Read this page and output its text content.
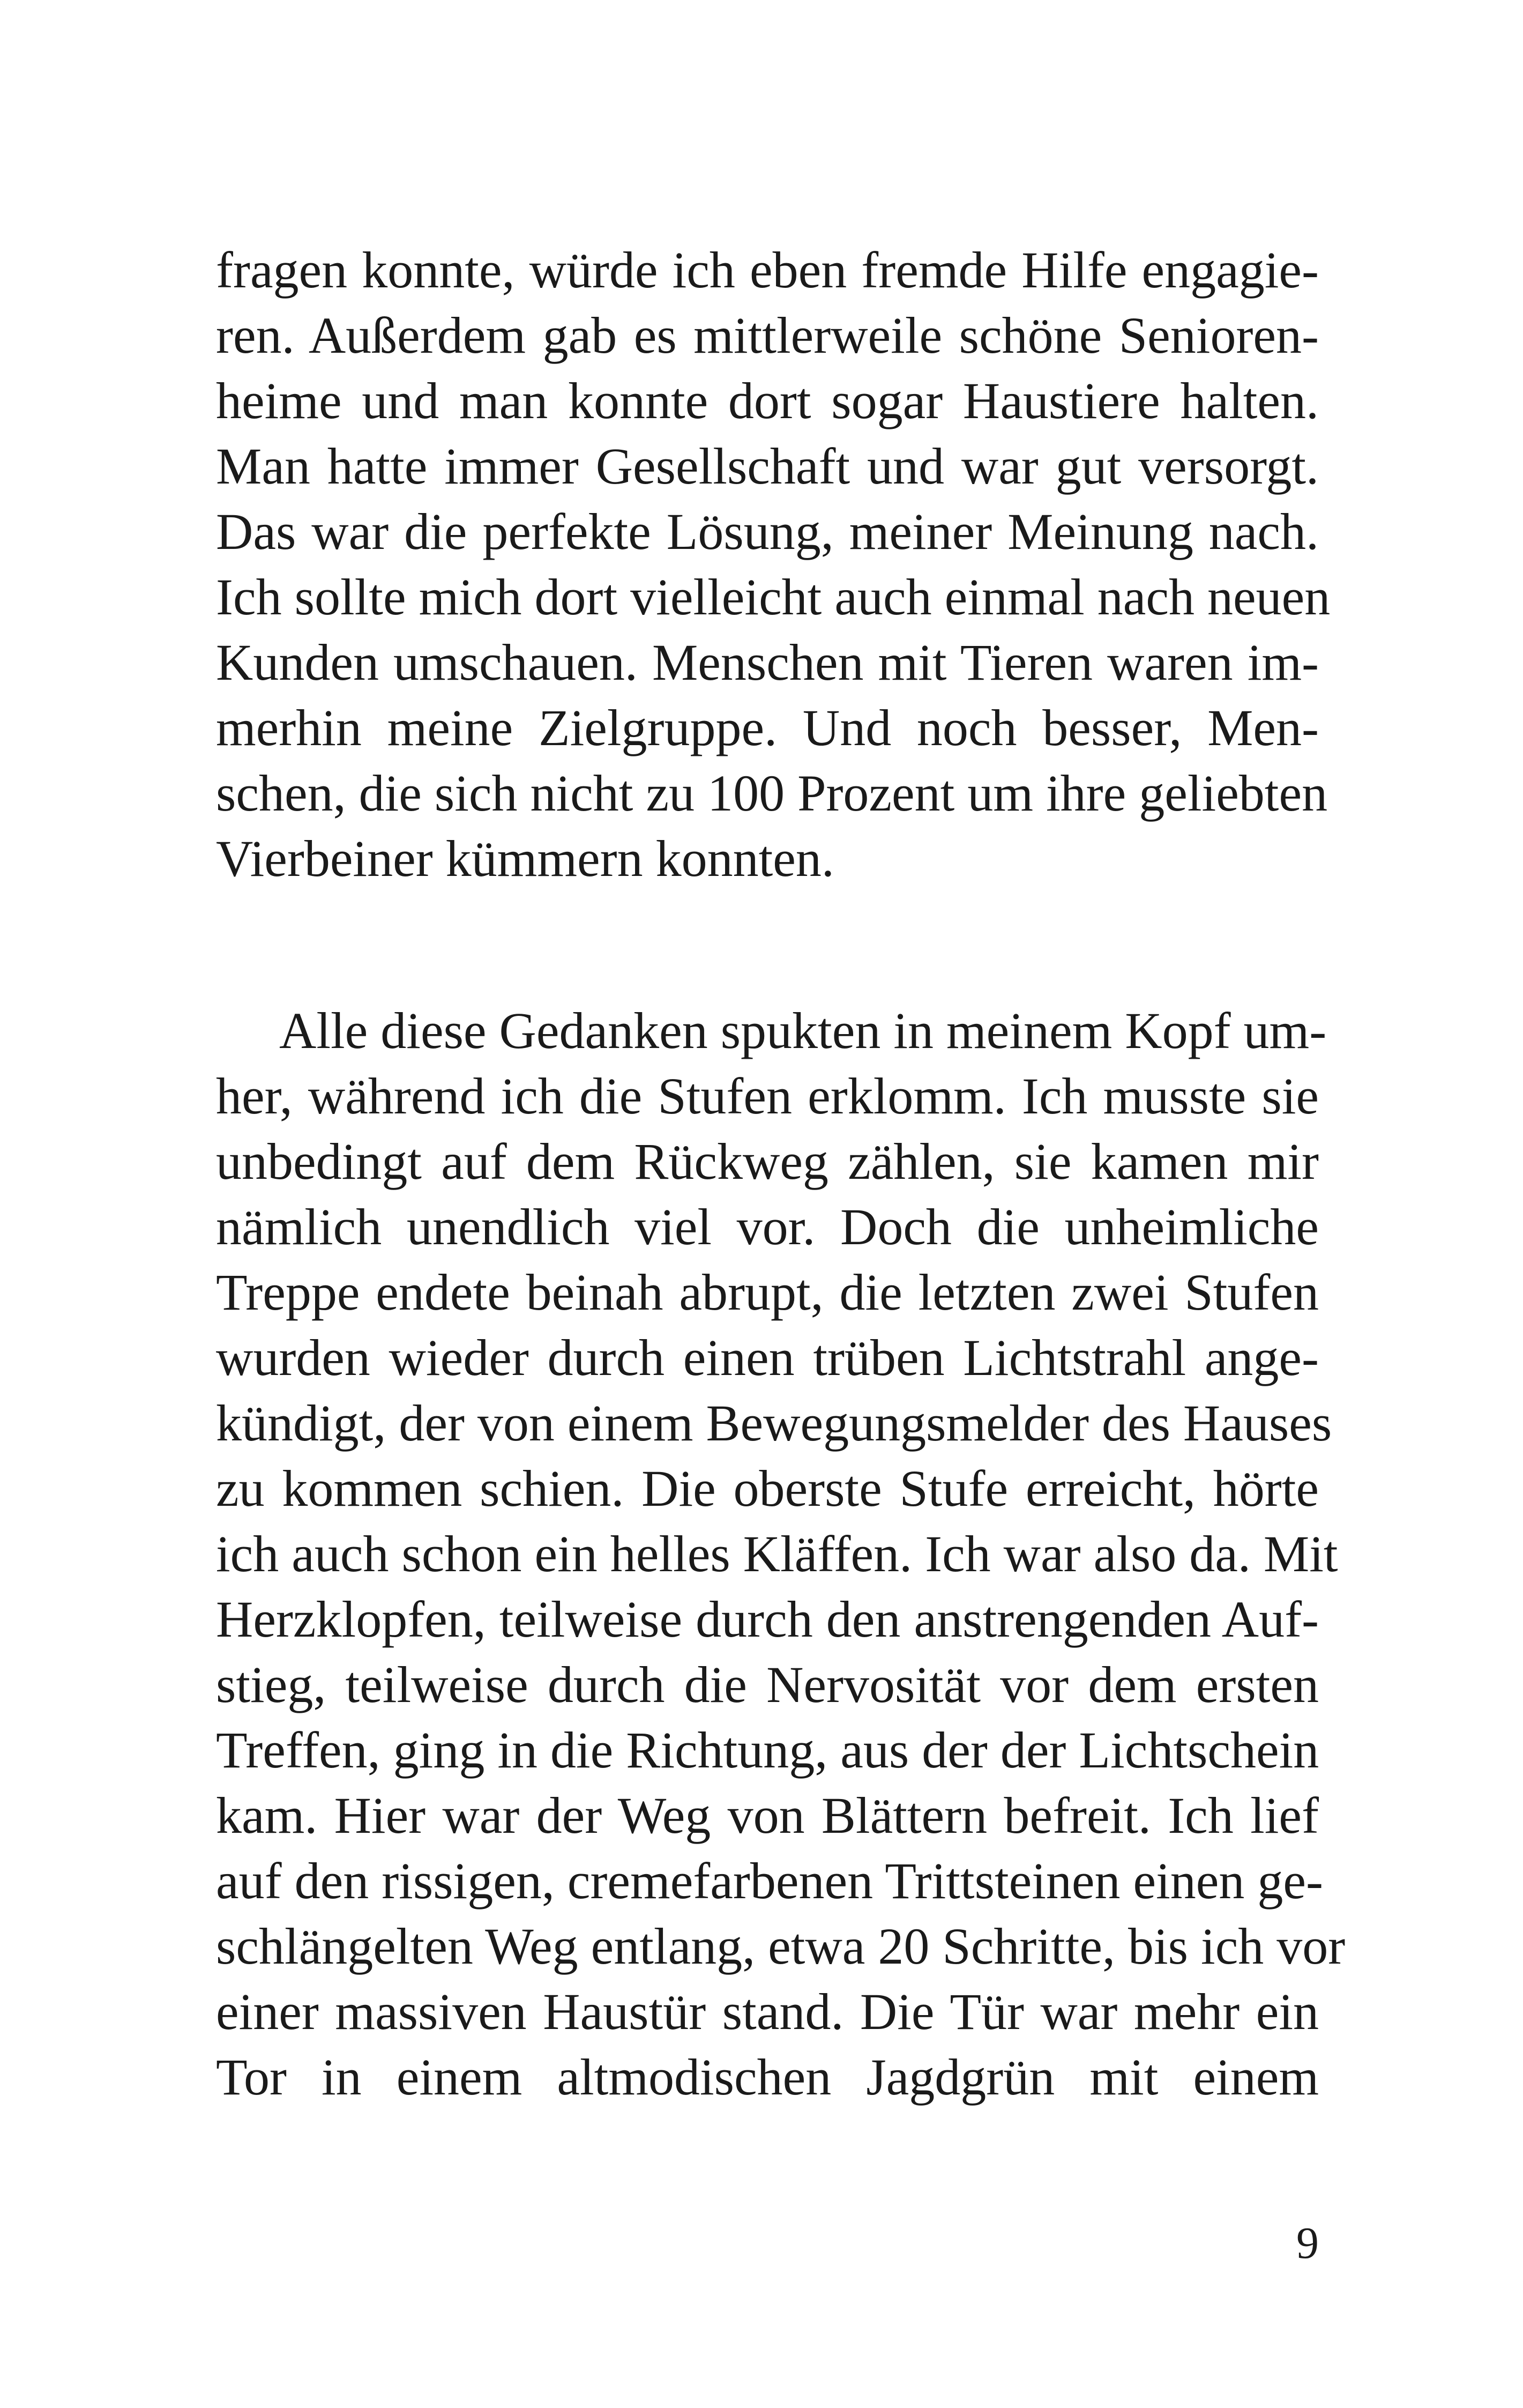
fragen konnte, würde ich eben fremde Hilfe engagie-
ren. Außerdem gab es mittlerweile schöne Senioren-
heime und man konnte dort sogar Haustiere halten.
Man hatte immer Gesellschaft und war gut versorgt.
Das war die perfekte Lösung, meiner Meinung nach.
Ich sollte mich dort vielleicht auch einmal nach neuen
Kunden umschauen. Menschen mit Tieren waren im-
merhin meine Zielgruppe. Und noch besser, Men-
schen, die sich nicht zu 100 Prozent um ihre geliebten
Vierbeiner kümmern konnten.
Alle diese Gedanken spukten in meinem Kopf um-
her, während ich die Stufen erklomm. Ich musste sie
unbedingt auf dem Rückweg zählen, sie kamen mir
nämlich unendlich viel vor. Doch die unheimliche
Treppe endete beinah abrupt, die letzten zwei Stufen
wurden wieder durch einen trüben Lichtstrahl ange-
kündigt, der von einem Bewegungsmelder des Hauses
zu kommen schien. Die oberste Stufe erreicht, hörte
ich auch schon ein helles Kläffen. Ich war also da. Mit
Herzklopfen, teilweise durch den anstrengenden Auf-
stieg, teilweise durch die Nervosität vor dem ersten
Treffen, ging in die Richtung, aus der der Lichtschein
kam. Hier war der Weg von Blättern befreit. Ich lief
auf den rissigen, cremefarbenen Trittsteinen einen ge-
schlängelten Weg entlang, etwa 20 Schritte, bis ich vor
einer massiven Haustür stand. Die Tür war mehr ein
Tor in einem altmodischen Jagdgrün mit einem
9
